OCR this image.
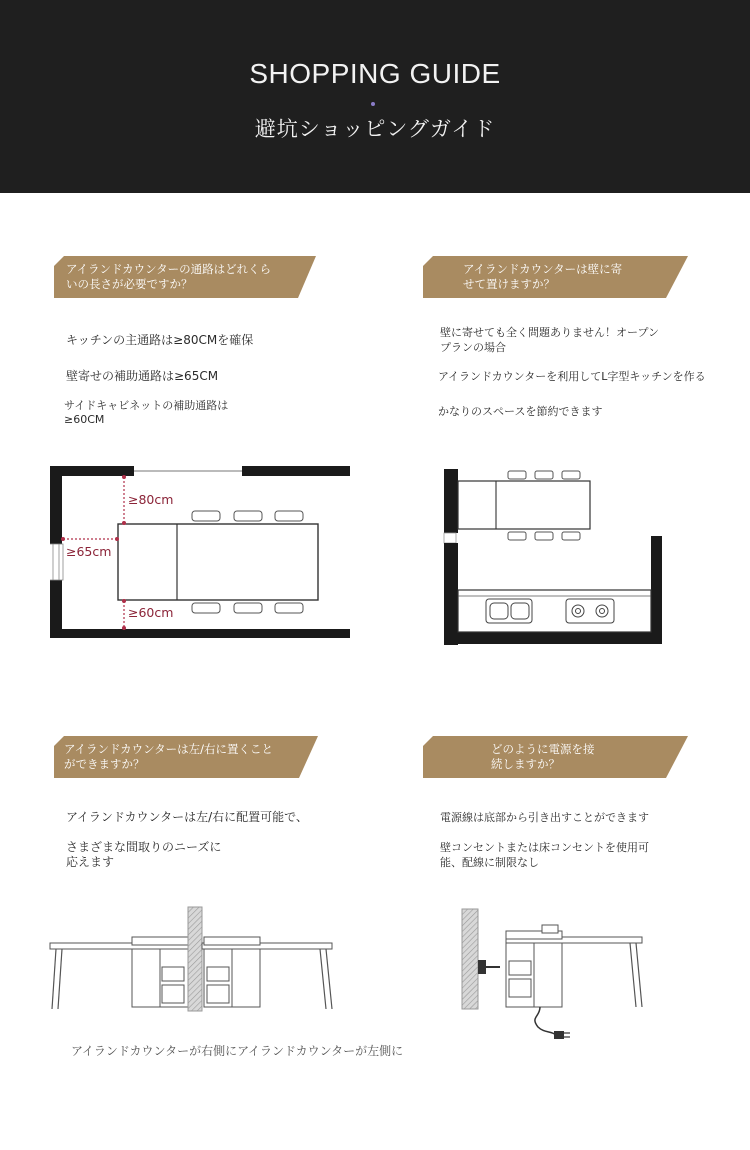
SHOPPING GUIDE
避坑ショッピングガイド
アイランドカウンターの通路はどれくら
いの長さが必要ですか？
アイランドカウンターは壁に寄
せて置けますか？
キッチンの主通路は≥80CMを確保
壁寄せの補助通路は≥65CM
サイドキャビネットの補助通路は
≥60CM
壁に寄せても全く問題ありません！オープン
プランの場合
アイランドカウンターを利用してL字型キッチンを作る
かなりのスペースを節約できます
≥80cm
≥65cm
≥60cm
アイランドカウンターは左/右に置くこと
ができますか？
どのように電源を接
続しますか？
アイランドカウンターは左/右に配置可能で、
さまざまな間取りのニーズに
応えます
電源線は底部から引き出すことができます
壁コンセントまたは床コンセントを使用可
能、配線に制限なし
アイランドカウンターが右側にアイランドカウンターが左側に
